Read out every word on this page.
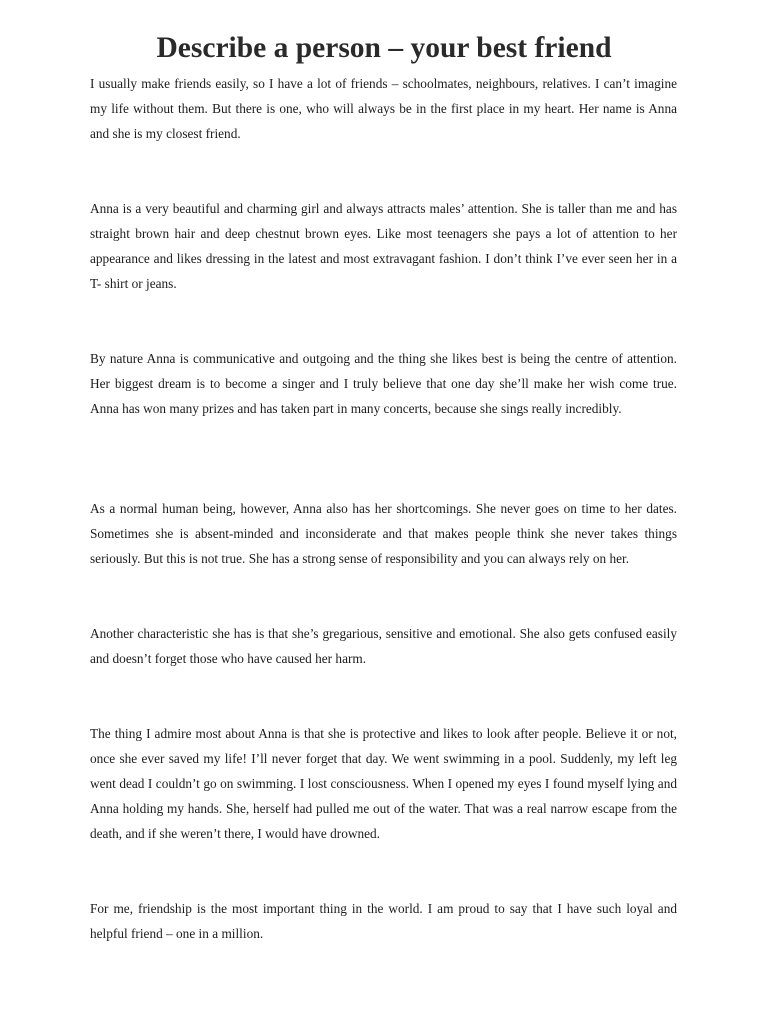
Describe a person – your best friend

I usually make friends easily, so I have a lot of friends – schoolmates, neighbours, relatives. I can’t imagine my life without them. But there is one, who will always be in the first place in my heart. Her name is Anna and she is my closest friend.

Anna is a very beautiful and charming girl and always attracts males’ attention. She is taller than me and has straight brown hair and deep chestnut brown eyes. Like most teenagers she pays a lot of attention to her appearance and likes dressing in the latest and most extravagant fashion. I don’t think I’ve ever seen her in a T- shirt or jeans.

By nature Anna is communicative and outgoing and the thing she likes best is being the centre of attention. Her biggest dream is to become a singer and I truly believe that one day she’ll make her wish come true. Anna has won many prizes and has taken part in many concerts, because she sings really incredibly.

As a normal human being, however, Anna also has her shortcomings. She never goes on time to her dates. Sometimes she is absent-minded and inconsiderate and that makes people think she never takes things seriously. But this is not true. She has a strong sense of responsibility and you can always rely on her.

Another characteristic she has is that she’s gregarious, sensitive and emotional. She also gets confused easily and doesn’t forget those who have caused her harm.

The thing I admire most about Anna is that she is protective and likes to look after people. Believe it or not, once she ever saved my life! I’ll never forget that day. We went swimming in a pool. Suddenly, my left leg went dead I couldn’t go on swimming. I lost consciousness. When I opened my eyes I found myself lying and Anna holding my hands. She, herself had pulled me out of the water. That was a real narrow escape from the death, and if she weren’t there, I would have drowned.

For me, friendship is the most important thing in the world. I am proud to say that I have such loyal and helpful friend – one in a million.
